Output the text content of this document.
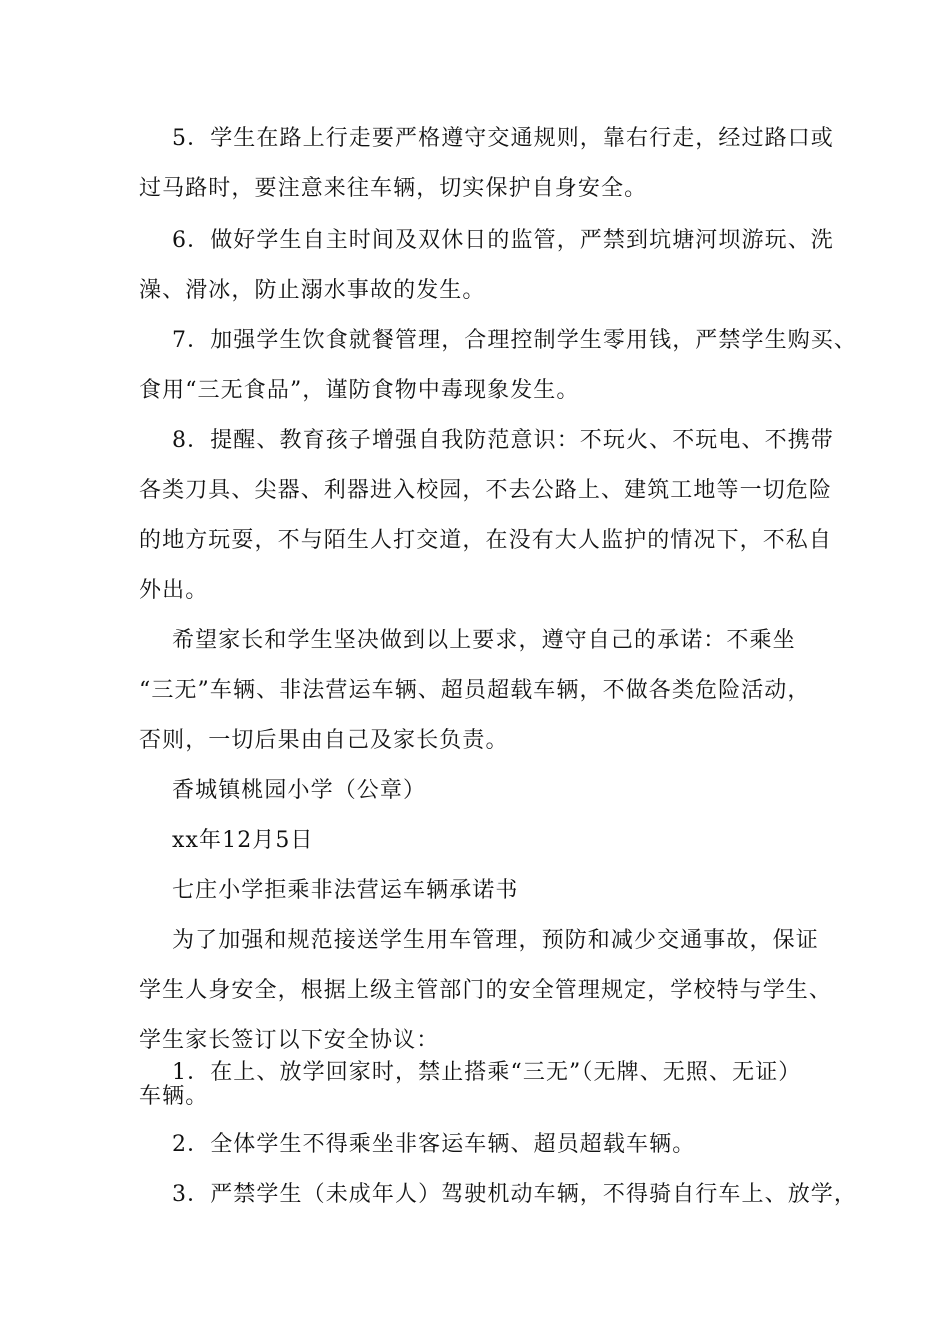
5．学生在路上行走要严格遵守交通规则，靠右行走，经过路口或
过马路时，要注意来往车辆，切实保护自身安全。
6．做好学生自主时间及双休日的监管，严禁到坑塘河坝游玩、洗
澡、滑冰，防止溺水事故的发生。
7．加强学生饮食就餐管理，合理控制学生零用钱，严禁学生购买、
食用“三无食品”，谨防食物中毒现象发生。
8．提醒、教育孩子增强自我防范意识：不玩火、不玩电、不携带
各类刀具、尖器、利器进入校园，不去公路上、建筑工地等一切危险
的地方玩耍，不与陌生人打交道，在没有大人监护的情况下，不私自
外出。
希望家长和学生坚决做到以上要求，遵守自己的承诺：不乘坐
“三无”车辆、非法营运车辆、超员超载车辆，不做各类危险活动，
否则，一切后果由自己及家长负责。
香城镇桃园小学（公章）
xx年12月5日
七庄小学拒乘非法营运车辆承诺书
为了加强和规范接送学生用车管理，预防和减少交通事故，保证
学生人身安全，根据上级主管部门的安全管理规定，学校特与学生、
学生家长签订以下安全协议：
1．在上、放学回家时，禁止搭乘“三无”（无牌、无照、无证）
车辆。
2．全体学生不得乘坐非客运车辆、超员超载车辆。
3．严禁学生（未成年人）驾驶机动车辆，不得骑自行车上、放学，
